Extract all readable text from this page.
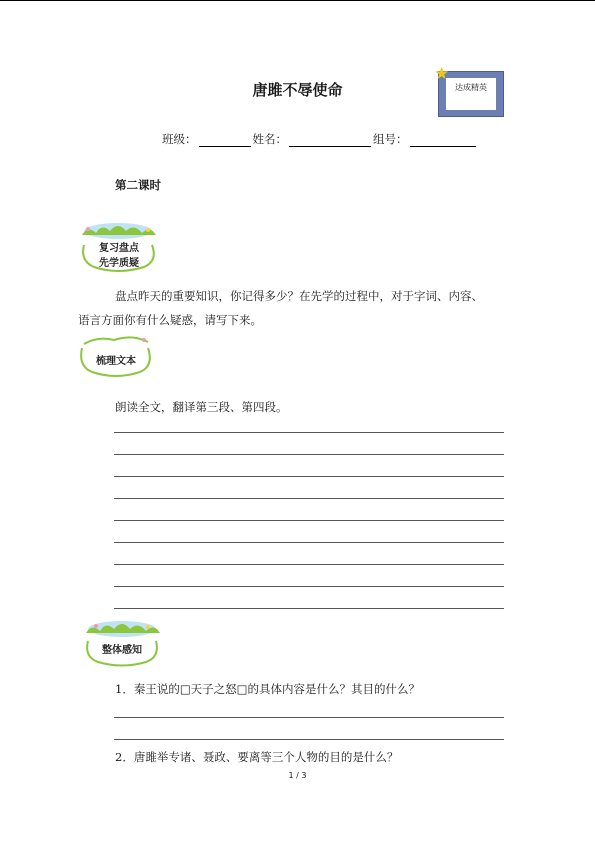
唐雎不辱使命	达成精英
★
班级：	姓名：	组号：
第二课时
复习盘点
先学质疑
盘点昨天的重要知识，你记得多少？在先学的过程中，对于字词、内容、
语言方面你有什么疑惑，请写下来。
梳理文本
朗读全文，翻译第三段、第四段。
整体感知
1．秦王说的□天子之怒□的具体内容是什么？其目的什么？
2．唐雎举专诸、聂政、要离等三个人物的目的是什么？
1 / 3
